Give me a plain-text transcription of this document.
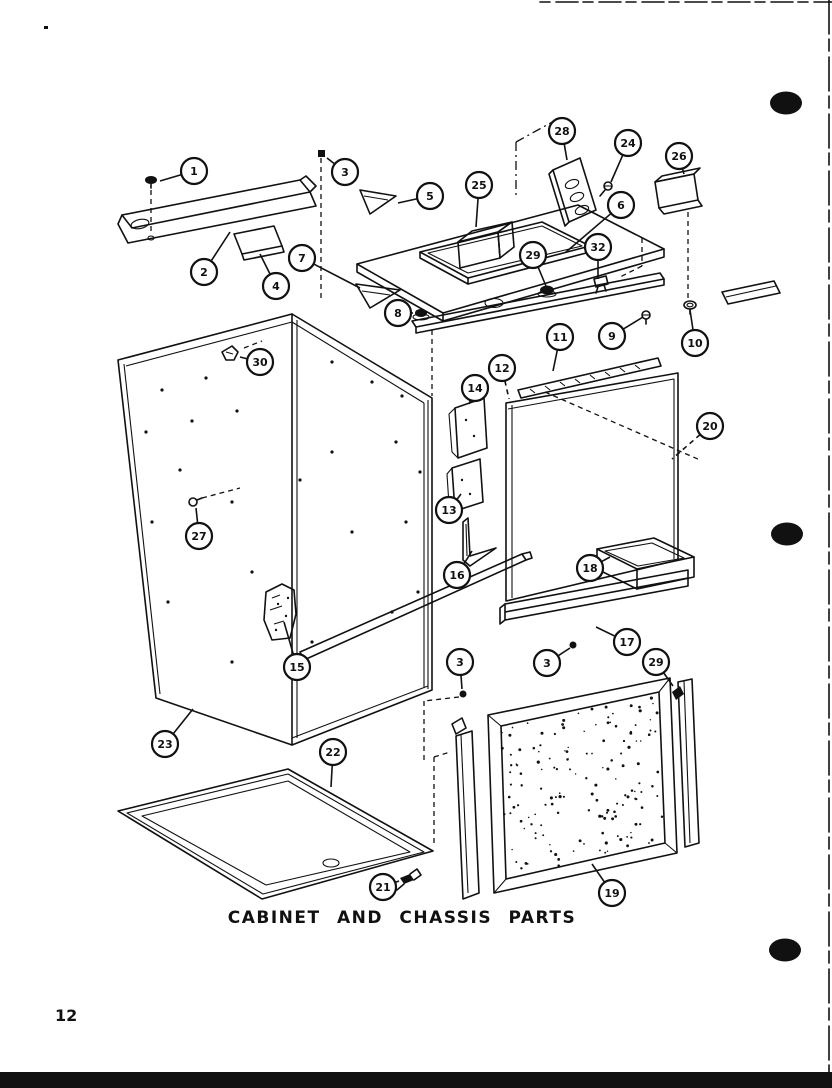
1
2
3
4
5
6
7
8
9
10
11
12
13
14
15
16
17
18
19
20
21
22
23
24
25
26
27
28
29
29
30
32
3
3
CABINET AND CHASSIS PARTS
12
